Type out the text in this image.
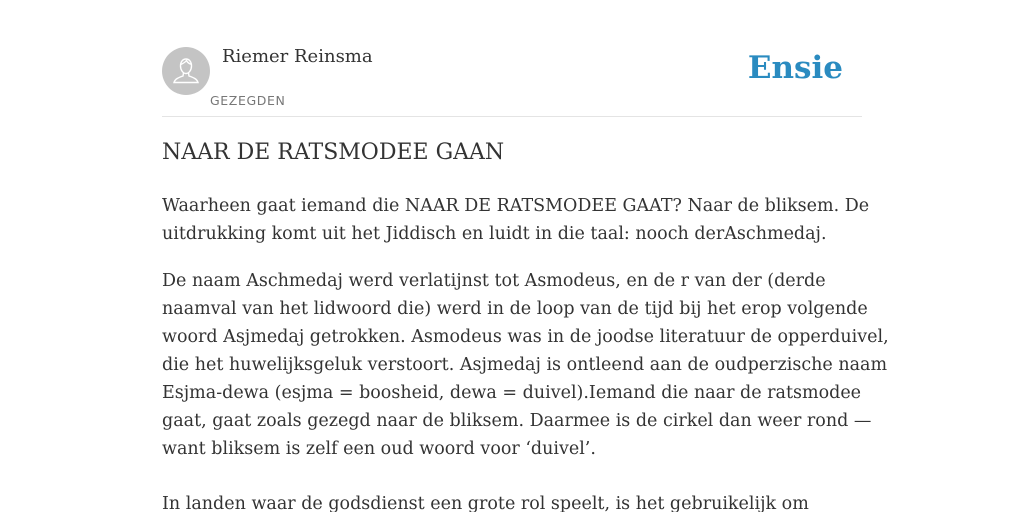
Riemer Reinsma
GEZEGDEN
Ensie
NAAR DE RATSMODEE GAAN

Waarheen gaat iemand die NAAR DE RATSMODEE GAAT? Naar de bliksem. De
uitdrukking komt uit het Jiddisch en luidt in die taal: nooch derAschmedaj.

De naam Aschmedaj werd verlatijnst tot Asmodeus, en de r van der (derde
naamval van het lidwoord die) werd in de loop van de tijd bij het erop volgende
woord Asjmedaj getrokken. Asmodeus was in de joodse literatuur de opperduivel,
die het huwelijksgeluk verstoort. Asjmedaj is ontleend aan de oudperzische naam
Esjma-dewa (esjma = boosheid, dewa = duivel).Iemand die naar de ratsmodee
gaat, gaat zoals gezegd naar de bliksem. Daarmee is de cirkel dan weer rond —
want bliksem is zelf een oud woord voor ‘duivel’.

In landen waar de godsdienst een grote rol speelt, is het gebruikelijk om
